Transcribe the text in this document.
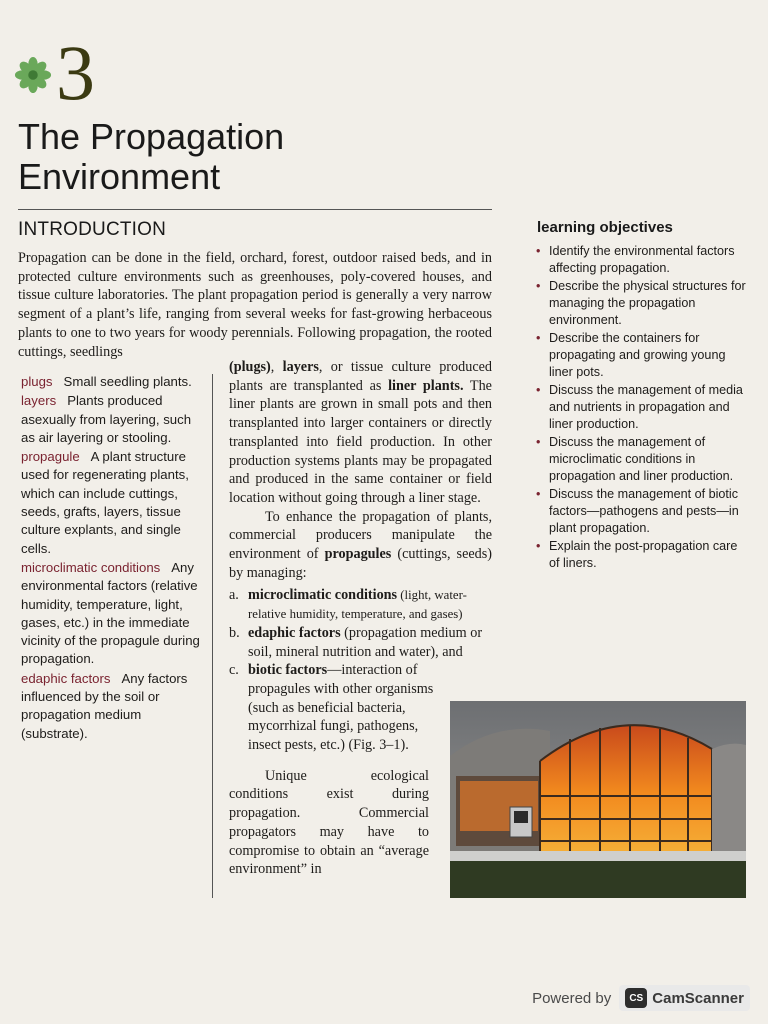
3
The Propagation Environment
INTRODUCTION

Propagation can be done in the field, orchard, forest, outdoor raised beds, and in protected culture environments such as greenhouses, poly-covered houses, and tissue culture laboratories. The plant propagation period is generally a very narrow segment of a plant’s life, ranging from several weeks for fast-growing herbaceous plants to one to two years for woody perennials. Following propagation, the rooted cuttings, seedlings

plugs Small seedling plants.
layers Plants produced asexually from layering, such as air layering or stooling.
propagule A plant structure used for regenerating plants, which can include cuttings, seeds, grafts, layers, tissue culture explants, and single cells.
microclimatic conditions Any environmental factors (relative humidity, temperature, light, gases, etc.) in the immediate vicinity of the propagule during propagation.
edaphic factors Any factors influenced by the soil or propagation medium (substrate).

(plugs), layers, or tissue culture produced plants are transplanted as liner plants. The liner plants are grown in small pots and then transplanted into larger containers or directly transplanted into field production. In other production systems plants may be propagated and produced in the same container or field location without going through a liner stage.

To enhance the propagation of plants, commercial producers manipulate the environment of propagules (cuttings, seeds) by managing:

a. microclimatic conditions (light, water-relative humidity, temperature, and gases)
b. edaphic factors (propagation medium or soil, mineral nutrition and water), and
c. biotic factors—interaction of propagules with other organisms (such as beneficial bacteria, mycorrhizal fungi, pathogens, insect pests, etc.) (Fig. 3–1).

Unique ecological conditions exist during propagation. Commercial propagators may have to compromise to obtain an “average environment” in

learning objectives
• Identify the environmental factors affecting propagation.
• Describe the physical structures for managing the propagation environment.
• Describe the containers for propagating and growing young liner pots.
• Discuss the management of media and nutrients in propagation and liner production.
• Discuss the management of microclimatic conditions in propagation and liner production.
• Discuss the management of biotic factors—pathogens and pests—in plant propagation.
• Explain the post-propagation care of liners.
Powered by	CS CamScanner
